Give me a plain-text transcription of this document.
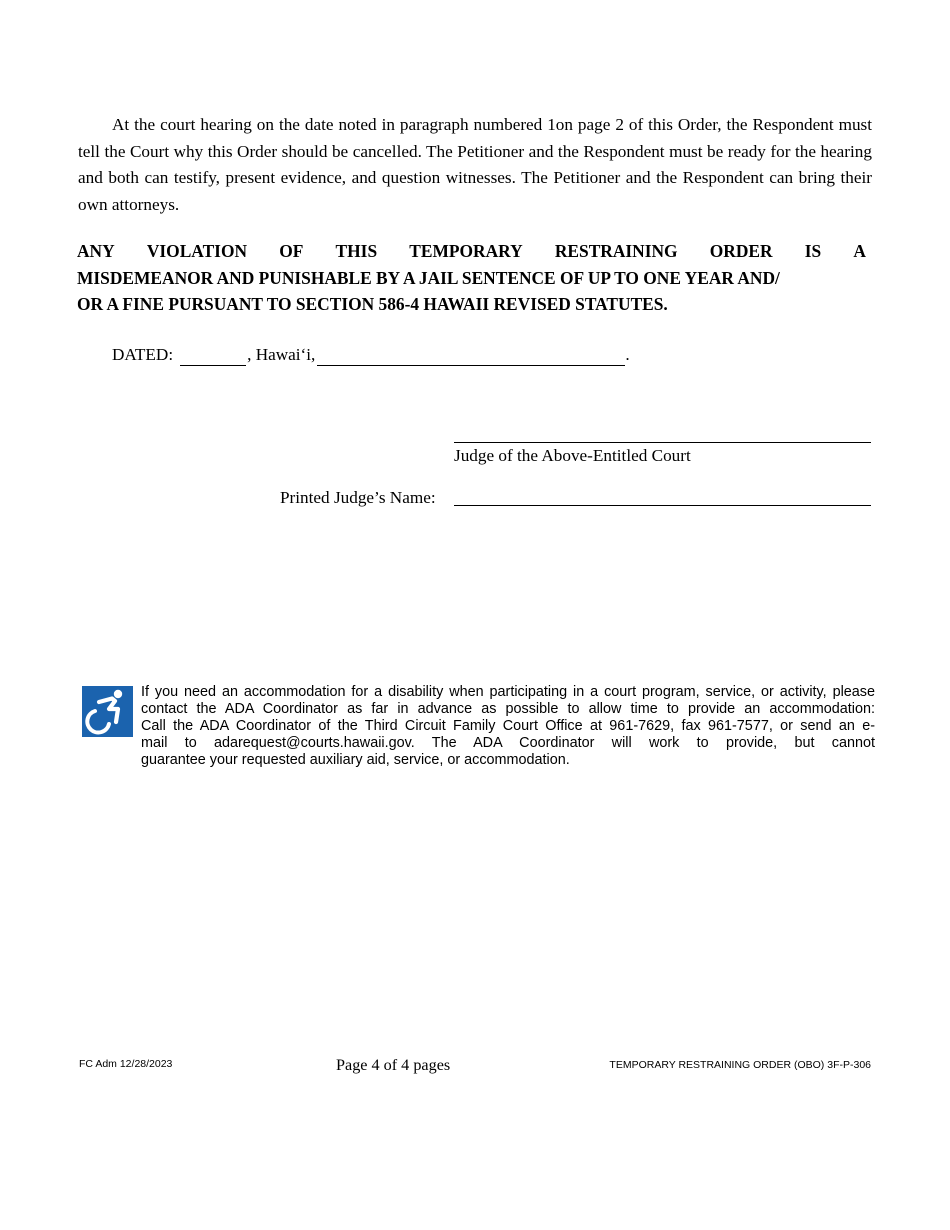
At the court hearing on the date noted in paragraph numbered 1on page 2 of this Order, the Respondent must tell the Court why this Order should be cancelled. The Petitioner and the Respondent must be ready for the hearing and both can testify, present evidence, and question witnesses. The Petitioner and the Respondent can bring their own attorneys.

ANY VIOLATION OF THIS TEMPORARY RESTRAINING ORDER IS A
MISDEMEANOR AND PUNISHABLE BY A JAIL SENTENCE OF UP TO ONE YEAR AND/
OR A FINE PURSUANT TO SECTION 586-4 HAWAII REVISED STATUTES.
DATED:	, Hawai‘i,	.
Judge of the Above-Entitled Court
Printed Judge’s Name:
If you need an accommodation for a disability when participating in a court program, service, or activity, please
contact the ADA Coordinator as far in advance as possible to allow time to provide an accommodation:
Call the ADA Coordinator of the Third Circuit Family Court Office at 961-7629, fax 961-7577, or send an e-
mail to adarequest@courts.hawaii.gov. The ADA Coordinator will work to provide, but cannot
guarantee your requested auxiliary aid, service, or accommodation.
FC Adm 12/28/2023	Page 4 of 4 pages	TEMPORARY RESTRAINING ORDER (OBO) 3F-P-306
